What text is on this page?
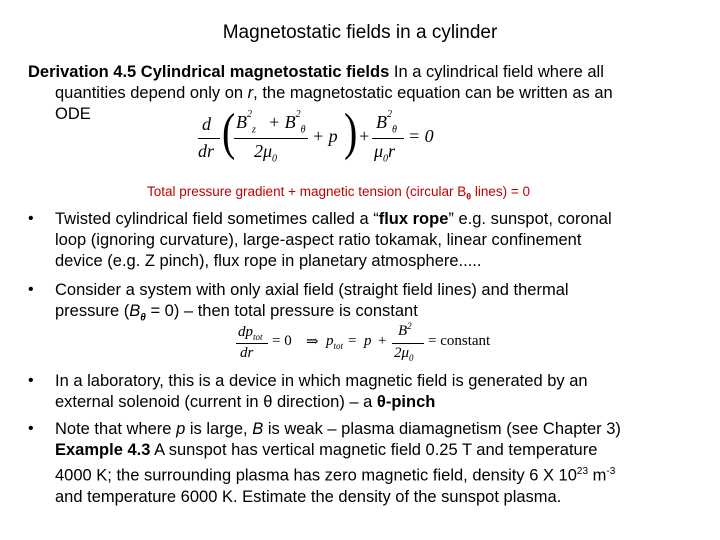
Magnetostatic fields in a cylinder
Derivation 4.5 Cylindrical magnetostatic fields In a cylindrical field where all
quantities depend only on r, the magnetostatic equation can be written as an
ODE	d
dr ( $B^2_z + B^2_\theta$
$2\mu_0$
+ p ) +
$B^2_\theta$
$\mu_0r$
= 0
Total pressure gradient + magnetic tension (circular $B_\theta$ lines) = 0
• Twisted cylindrical field sometimes called a “flux rope” e.g. sunspot, coronal
loop (ignoring curvature), large-aspect ratio tokamak, linear confinement
device (e.g. Z pinch), flux rope in planetary atmosphere.....
• Consider a system with only axial field (straight field lines) and thermal
pressure $(B_\theta = 0)$ – then total pressure is constant
$dp_{tot}$
dr
= 0 ⇒ $p_{tot} = p$ +
$B^2$
$2\mu_0$
= constant
• In a laboratory, this is a device in which magnetic field is generated by an
external solenoid (current in θ direction) – a θ-pinch
• Note that where p is large, B is weak – plasma diamagnetism (see Chapter 3)
Example 4.3 A sunspot has vertical magnetic field 0.25 T and temperature
4000 K; the surrounding plasma has zero magnetic field, density 6 X $10^{23}$ $m^{-3}$
and temperature 6000 K. Estimate the density of the sunspot plasma.
